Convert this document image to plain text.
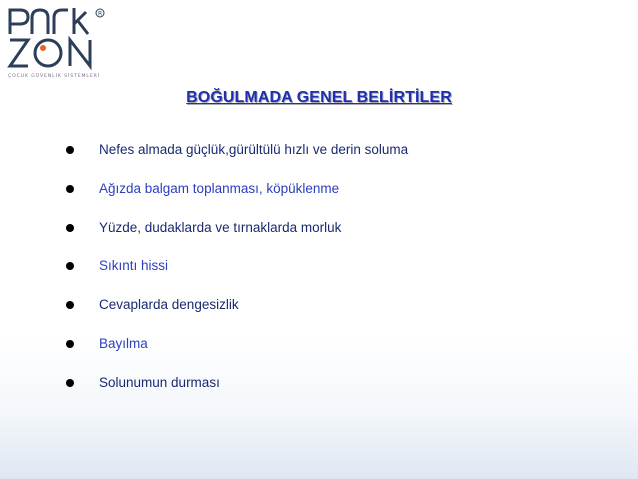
R
ÇOCUK GÜVENLİK SİSTEMLERİ
BOĞULMADA GENEL BELİRTİLER
Nefes almada güçlük,gürültülü hızlı ve derin soluma
Ağızda balgam toplanması, köpüklenme
Yüzde, dudaklarda ve tırnaklarda morluk
Sıkıntı hissi
Cevaplarda dengesizlik
Bayılma
Solunumun durması
